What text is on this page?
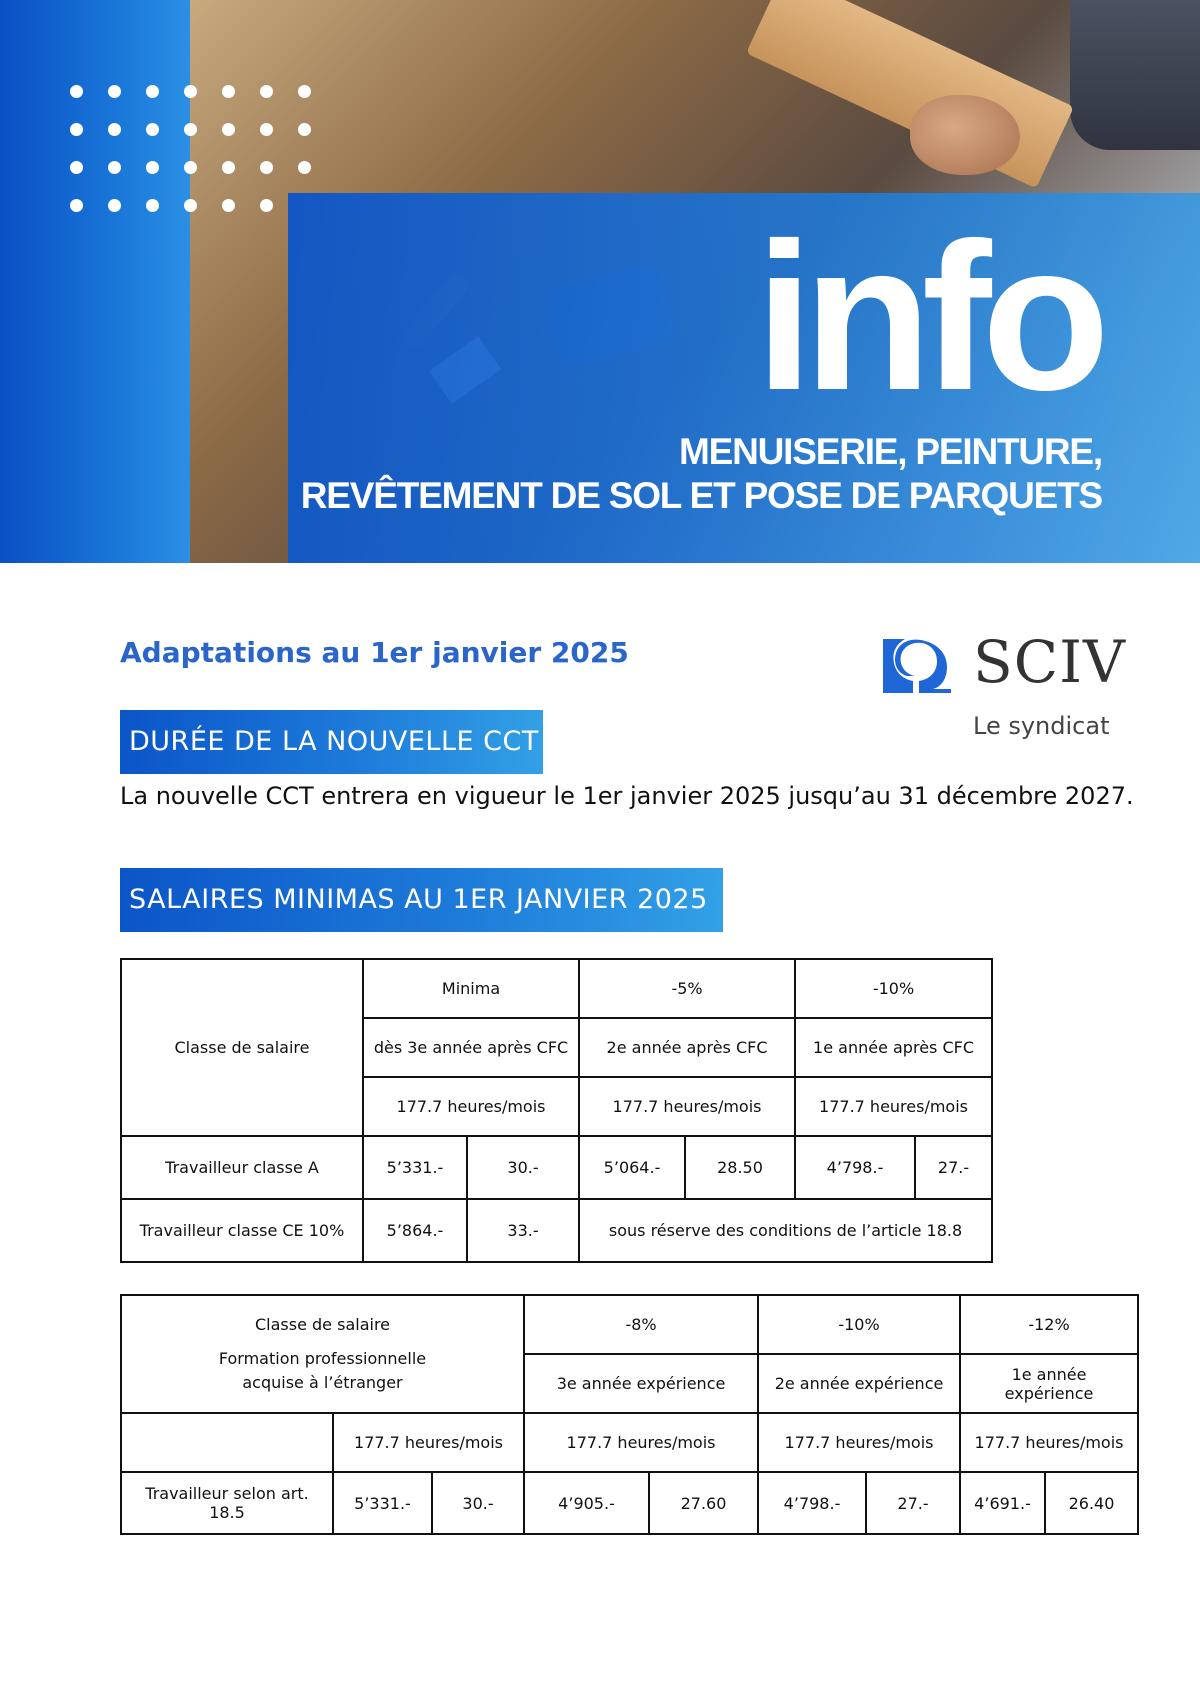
info
MENUISERIE, PEINTURE,
REVÊTEMENT DE SOL ET POSE DE PARQUETS
Adaptations au 1er janvier 2025	SCIV
Le syndicat
DURÉE DE LA NOUVELLE CCT
La nouvelle CCT entrera en vigueur le 1er janvier 2025 jusqu’au 31 décembre 2027.
SALAIRES MINIMAS AU 1ER JANVIER 2025
Classe de salaire	Minima		-5%		-10%	
	dès 3e année après CFC		2e année après CFC		1e année après CFC	
	177.7 heures/mois		177.7 heures/mois		177.7 heures/mois	
Travailleur classe A	5’331.-	30.-	5’064.-	28.50	4’798.-	27.-
Travailleur classe CE 10%	5’864.-	33.-	sous réserve des conditions de l’article 18.8			
Classe de salaire
Formation professionnelle acquise à l’étranger			-8%		-10%		-12%	
			3e année expérience		2e année expérience		1e année expérience	
	177.7 heures/mois		177.7 heures/mois		177.7 heures/mois		177.7 heures/mois	
Travailleur selon art. 18.5	5’331.-	30.-	4’905.-	27.60	4’798.-	27.-	4’691.-	26.40
